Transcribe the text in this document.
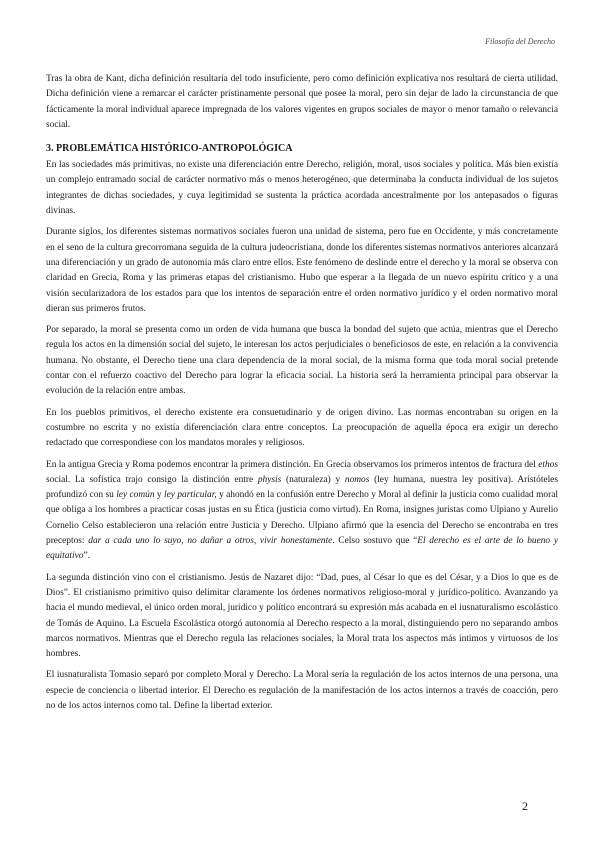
Filosofía del Derecho

Tras la obra de Kant, dicha definición resultaría del todo insuficiente, pero como definición explicativa nos resultará de cierta utilidad. Dicha definición viene a remarcar el carácter prístinamente personal que posee la moral, pero sin dejar de lado la circunstancia de que fácticamente la moral individual aparece impregnada de los valores vigentes en grupos sociales de mayor o menor tamaño o relevancia social.

3. PROBLEMÁTICA HISTÓRICO-ANTROPOLÓGICA

En las sociedades más primitivas, no existe una diferenciación entre Derecho, religión, moral, usos sociales y política. Más bien existía un complejo entramado social de carácter normativo más o menos heterogéneo, que determinaba la conducta individual de los sujetos integrantes de dichas sociedades, y cuya legitimidad se sustenta la práctica acordada ancestralmente por los antepasados o figuras divinas.

Durante siglos, los diferentes sistemas normativos sociales fueron una unidad de sistema, pero fue en Occidente, y más concretamente en el seno de la cultura grecorromana seguida de la cultura judeocristiana, donde los diferentes sistemas normativos anteriores alcanzará una diferenciación y un grado de autonomía más claro entre ellos. Este fenómeno de deslinde entre el derecho y la moral se observa con claridad en Grecia, Roma y las primeras etapas del cristianismo. Hubo que esperar a la llegada de un nuevo espíritu crítico y a una visión secularizadora de los estados para que los intentos de separación entre el orden normativo jurídico y el orden normativo moral dieran sus primeros frutos.

Por separado, la moral se presenta como un orden de vida humana que busca la bondad del sujeto que actúa, mientras que el Derecho regula los actos en la dimensión social del sujeto, le interesan los actos perjudiciales o beneficiosos de este, en relación a la convivencia humana. No obstante, el Derecho tiene una clara dependencia de la moral social, de la misma forma que toda moral social pretende contar con el refuerzo coactivo del Derecho para lograr la eficacia social. La historia será la herramienta principal para observar la evolución de la relación entre ambas.

En los pueblos primitivos, el derecho existente era consuetudinario y de origen divino. Las normas encontraban su origen en la costumbre no escrita y no existía diferenciación clara entre conceptos. La preocupación de aquella época era exigir un derecho redactado que correspondiese con los mandatos morales y religiosos.

En la antigua Grecia y Roma podemos encontrar la primera distinción. En Grecia observamos los primeros intentos de fractura del ethos social. La sofística trajo consigo la distinción entre physis (naturaleza) y nomos (ley humana, nuestra ley positiva). Aristóteles profundizó con su ley común y ley particular, y ahondó en la confusión entre Derecho y Moral al definir la justicia como cualidad moral que obliga a los hombres a practicar cosas justas en su Ética (justicia como virtud). En Roma, insignes juristas como Ulpiano y Aurelio Cornelio Celso establecieron una relación entre Justicia y Derecho. Ulpiano afirmó que la esencia del Derecho se encontraba en tres preceptos: dar a cada uno lo suyo, no dañar a otros, vivir honestamente. Celso sostuvo que “El derecho es el arte de lo bueno y equitativo”.

La segunda distinción vino con el cristianismo. Jesús de Nazaret dijo: “Dad, pues, al César lo que es del César, y a Dios lo que es de Dios”. El cristianismo primitivo quiso delimitar claramente los órdenes normativos religioso-moral y jurídico-político. Avanzando ya hacia el mundo medieval, el único orden moral, jurídico y político encontrará su expresión más acabada en el iusnaturalismo escolástico de Tomás de Aquino. La Escuela Escolástica otorgó autonomía al Derecho respecto a la moral, distinguiendo pero no separando ambos marcos normativos. Mientras que el Derecho regula las relaciones sociales, la Moral trata los aspectos más íntimos y virtuosos de los hombres.

El iusnaturalista Tomasio separó por completo Moral y Derecho. La Moral sería la regulación de los actos internos de una persona, una especie de conciencia o libertad interior. El Derecho es regulación de la manifestación de los actos internos a través de coacción, pero no de los actos internos como tal. Define la libertad exterior.

2
